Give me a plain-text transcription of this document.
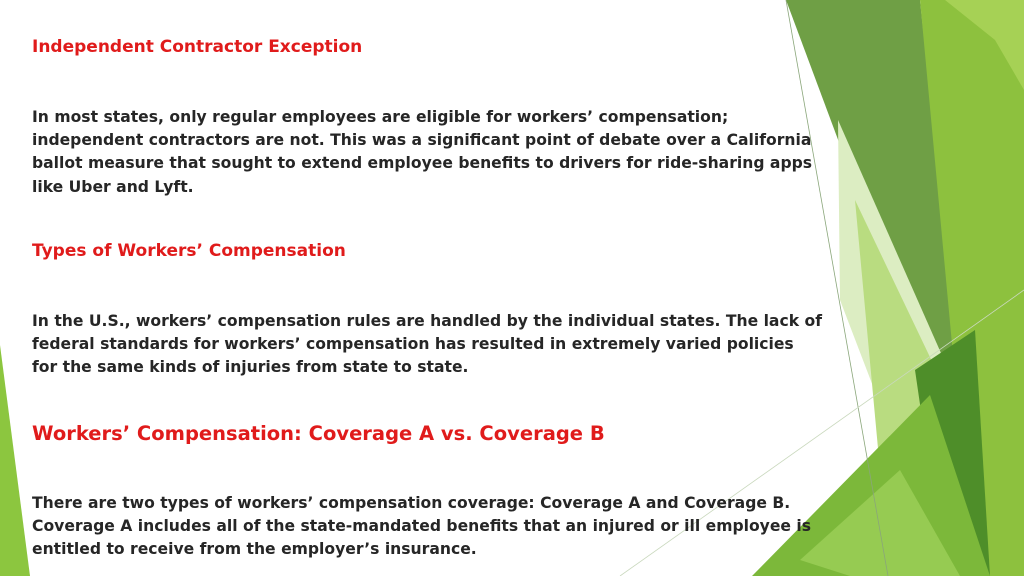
Independent Contractor Exception

In most states, only regular employees are eligible for workers’ compensation; independent contractors are not. This was a significant point of debate over a California ballot measure that sought to extend employee benefits to drivers for ride-sharing apps like Uber and Lyft.

Types of Workers’ Compensation

In the U.S., workers’ compensation rules are handled by the individual states. The lack of federal standards for workers’ compensation has resulted in extremely varied policies for the same kinds of injuries from state to state.

Workers’ Compensation: Coverage A vs. Coverage B

There are two types of workers’ compensation coverage: Coverage A and Coverage B. Coverage A includes all of the state-mandated benefits that an injured or ill employee is entitled to receive from the employer’s insurance.
